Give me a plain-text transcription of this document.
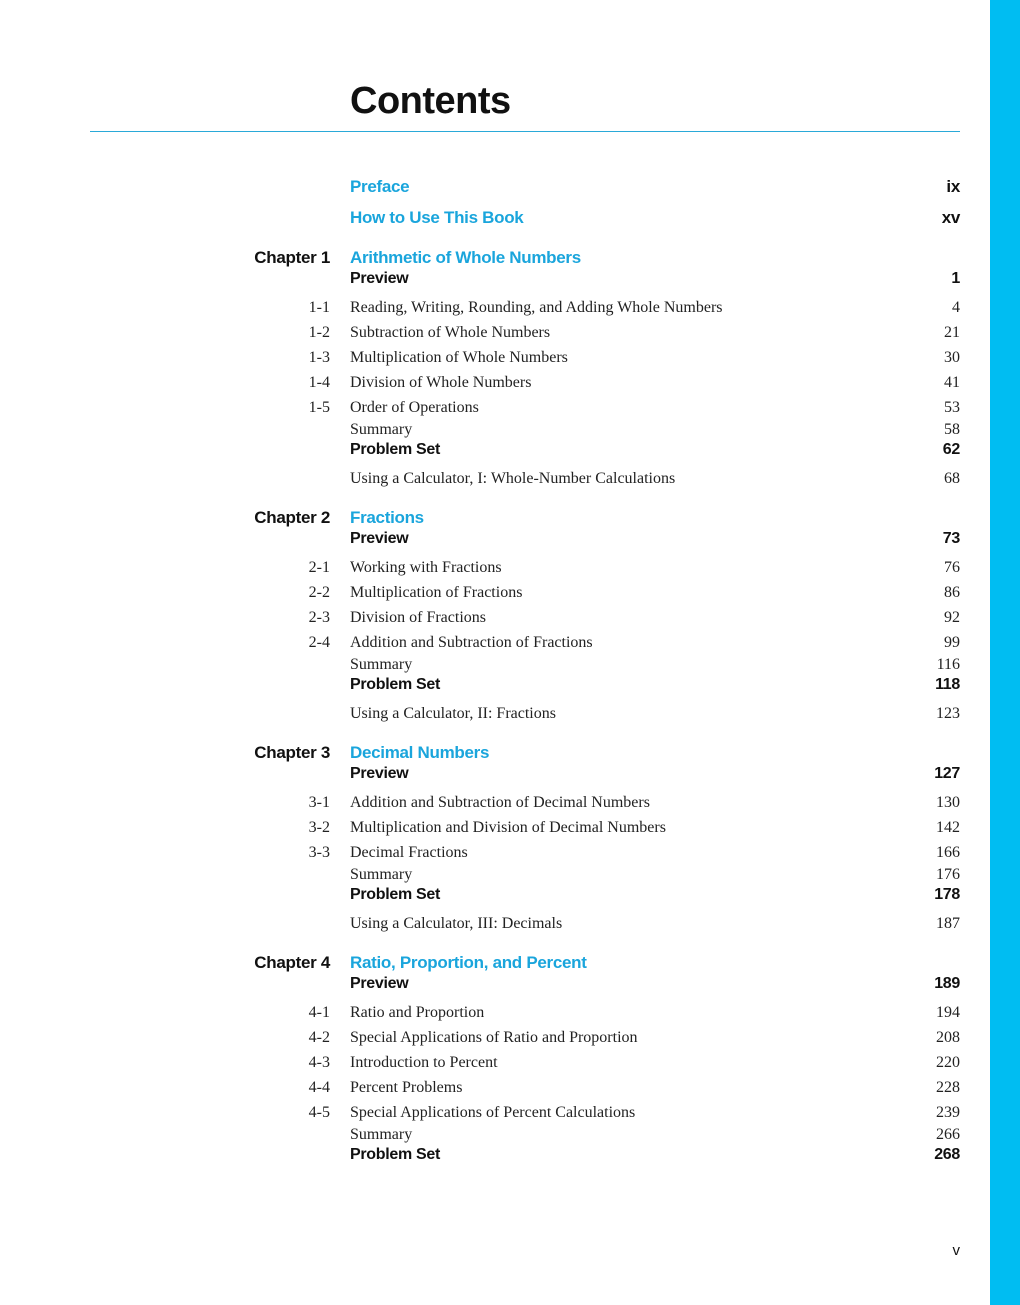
Contents
Preface	ix
How to Use This Book	xv
Chapter 1 Arithmetic of Whole Numbers
Preview	1
1-1 Reading, Writing, Rounding, and Adding Whole Numbers	4
1-2 Subtraction of Whole Numbers	21
1-3 Multiplication of Whole Numbers	30
1-4 Division of Whole Numbers	41
1-5 Order of Operations	53
Summary	58
Problem Set	62
Using a Calculator, I: Whole-Number Calculations	68
Chapter 2 Fractions
Preview	73
2-1 Working with Fractions	76
2-2 Multiplication of Fractions	86
2-3 Division of Fractions	92
2-4 Addition and Subtraction of Fractions	99
Summary	116
Problem Set	118
Using a Calculator, II: Fractions	123
Chapter 3 Decimal Numbers
Preview	127
3-1 Addition and Subtraction of Decimal Numbers	130
3-2 Multiplication and Division of Decimal Numbers	142
3-3 Decimal Fractions	166
Summary	176
Problem Set	178
Using a Calculator, III: Decimals	187
Chapter 4 Ratio, Proportion, and Percent
Preview	189
4-1 Ratio and Proportion	194
4-2 Special Applications of Ratio and Proportion	208
4-3 Introduction to Percent	220
4-4 Percent Problems	228
4-5 Special Applications of Percent Calculations	239
Summary	266
Problem Set	268
v
